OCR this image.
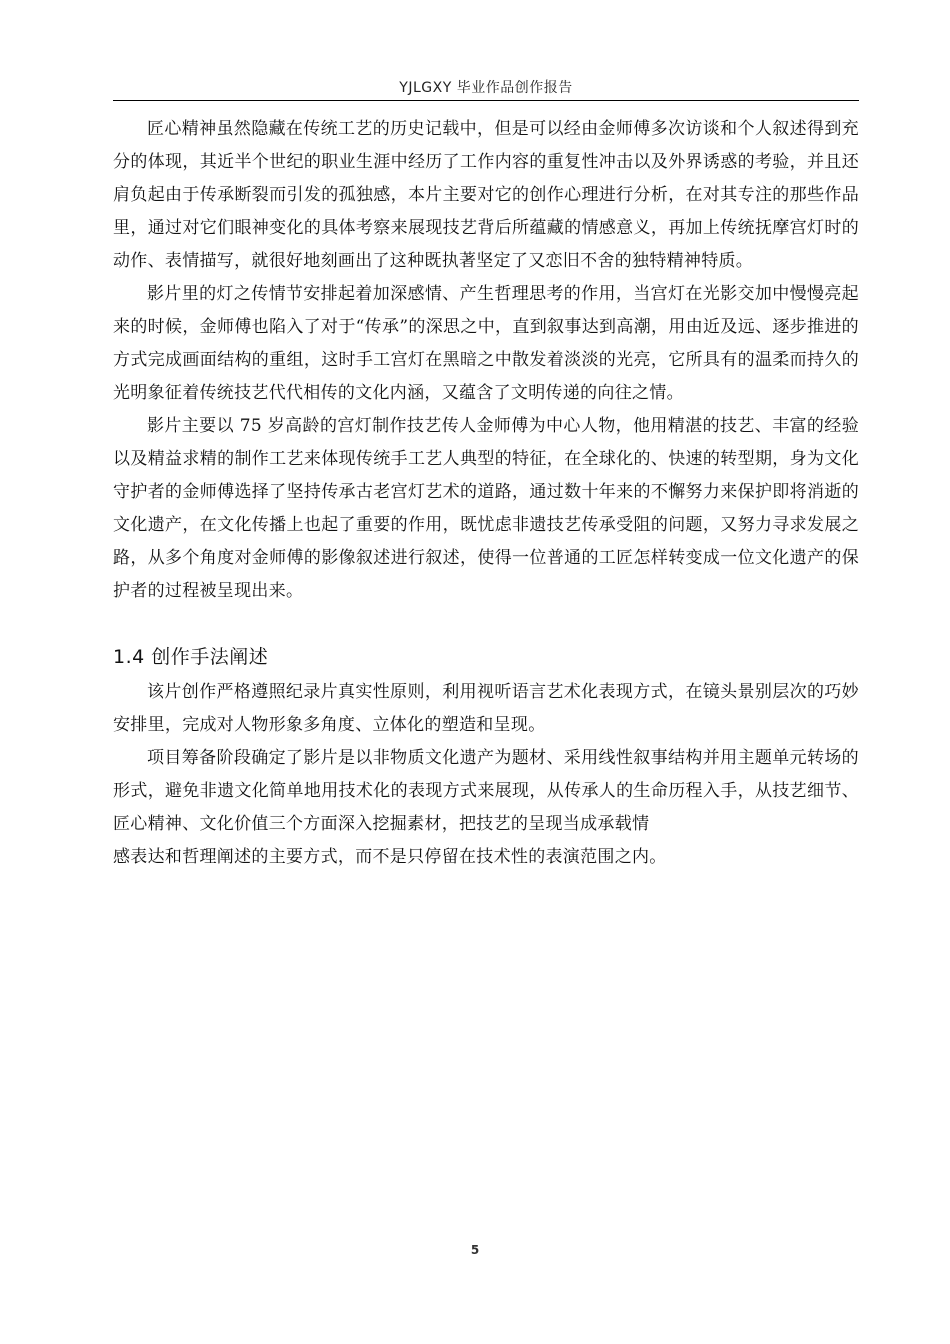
YJLGXY 毕业作品创作报告

匠心精神虽然隐藏在传统工艺的历史记载中，但是可以经由金师傅多次访谈和个人叙述得到充分的体现，其近半个世纪的职业生涯中经历了工作内容的重复性冲击以及外界诱惑的考验，并且还肩负起由于传承断裂而引发的孤独感，本片主要对它的创作心理进行分析，在对其专注的那些作品里，通过对它们眼神变化的具体考察来展现技艺背后所蕴藏的情感意义，再加上传统抚摩宫灯时的动作、表情描写，就很好地刻画出了这种既执著坚定了又恋旧不舍的独特精神特质。

影片里的灯之传情节安排起着加深感情、产生哲理思考的作用，当宫灯在光影交加中慢慢亮起来的时候，金师傅也陷入了对于“传承”的深思之中，直到叙事达到高潮，用由近及远、逐步推进的方式完成画面结构的重组，这时手工宫灯在黑暗之中散发着淡淡的光亮，它所具有的温柔而持久的光明象征着传统技艺代代相传的文化内涵，又蕴含了文明传递的向往之情。

影片主要以 75 岁高龄的宫灯制作技艺传人金师傅为中心人物，他用精湛的技艺、丰富的经验以及精益求精的制作工艺来体现传统手工艺人典型的特征，在全球化的、快速的转型期，身为文化守护者的金师傅选择了坚持传承古老宫灯艺术的道路，通过数十年来的不懈努力来保护即将消逝的文化遗产，在文化传播上也起了重要的作用，既忧虑非遗技艺传承受阻的问题，又努力寻求发展之路，从多个角度对金师傅的影像叙述进行叙述，使得一位普通的工匠怎样转变成一位文化遗产的保护者的过程被呈现出来。

1.4 创作手法阐述

该片创作严格遵照纪录片真实性原则，利用视听语言艺术化表现方式，在镜头景别层次的巧妙安排里，完成对人物形象多角度、立体化的塑造和呈现。

项目筹备阶段确定了影片是以非物质文化遗产为题材、采用线性叙事结构并用主题单元转场的形式，避免非遗文化简单地用技术化的表现方式来展现，从传承人的生命历程入手，从技艺细节、匠心精神、文化价值三个方面深入挖掘素材，把技艺的呈现当成承载情

感表达和哲理阐述的主要方式，而不是只停留在技术性的表演范围之内。

5
